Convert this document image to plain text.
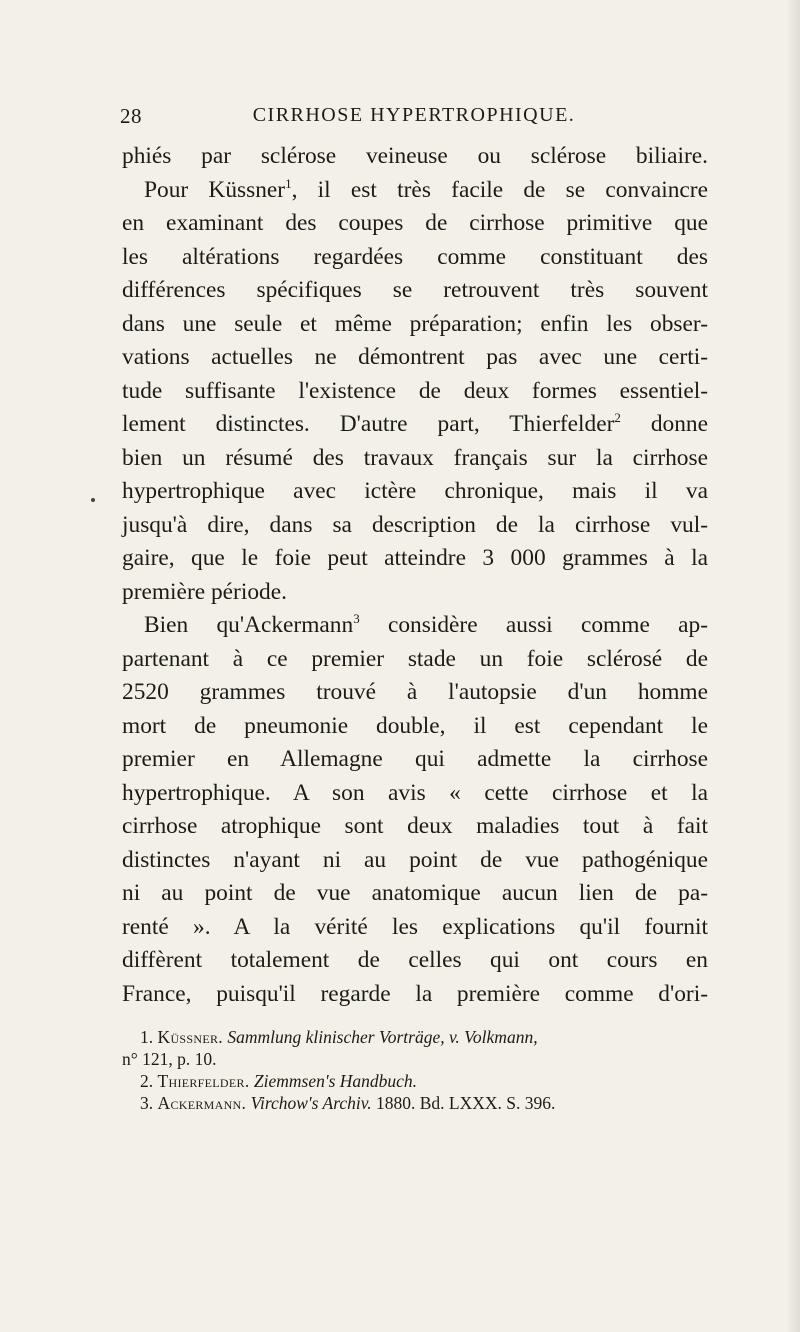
28	CIRRHOSE HYPERTROPHIQUE.
phiés par sclérose veineuse ou sclérose biliaire.
Pour Küssner$^1$, il est très facile de se convaincre
en examinant des coupes de cirrhose primitive que
les altérations regardées comme constituant des
différences spécifiques se retrouvent très souvent
dans une seule et même préparation; enfin les obser-
vations actuelles ne démontrent pas avec une certi-
tude suffisante l'existence de deux formes essentiel-
lement distinctes. D'autre part, Thierfelder$^2$ donne
bien un résumé des travaux français sur la cirrhose
hypertrophique avec ictère chronique, mais il va
jusqu'à dire, dans sa description de la cirrhose vul-
gaire, que le foie peut atteindre 3 000 grammes à la
première période.
Bien qu'Ackermann$^3$ considère aussi comme ap-
partenant à ce premier stade un foie sclérosé de
2520 grammes trouvé à l'autopsie d'un homme
mort de pneumonie double, il est cependant le
premier en Allemagne qui admette la cirrhose
hypertrophique. A son avis « cette cirrhose et la
cirrhose atrophique sont deux maladies tout à fait
distinctes n'ayant ni au point de vue pathogénique
ni au point de vue anatomique aucun lien de pa-
renté ». A la vérité les explications qu'il fournit
diffèrent totalement de celles qui ont cours en
France, puisqu'il regarde la première comme d'ori-
1. Küssner. Sammlung klinischer Vorträge, v. Volkmann,
n° 121, p. 10.
2. Thierfelder. Ziemmsen's Handbuch.
3. Ackermann. Virchow's Archiv. 1880. Bd. LXXX. S. 396.
